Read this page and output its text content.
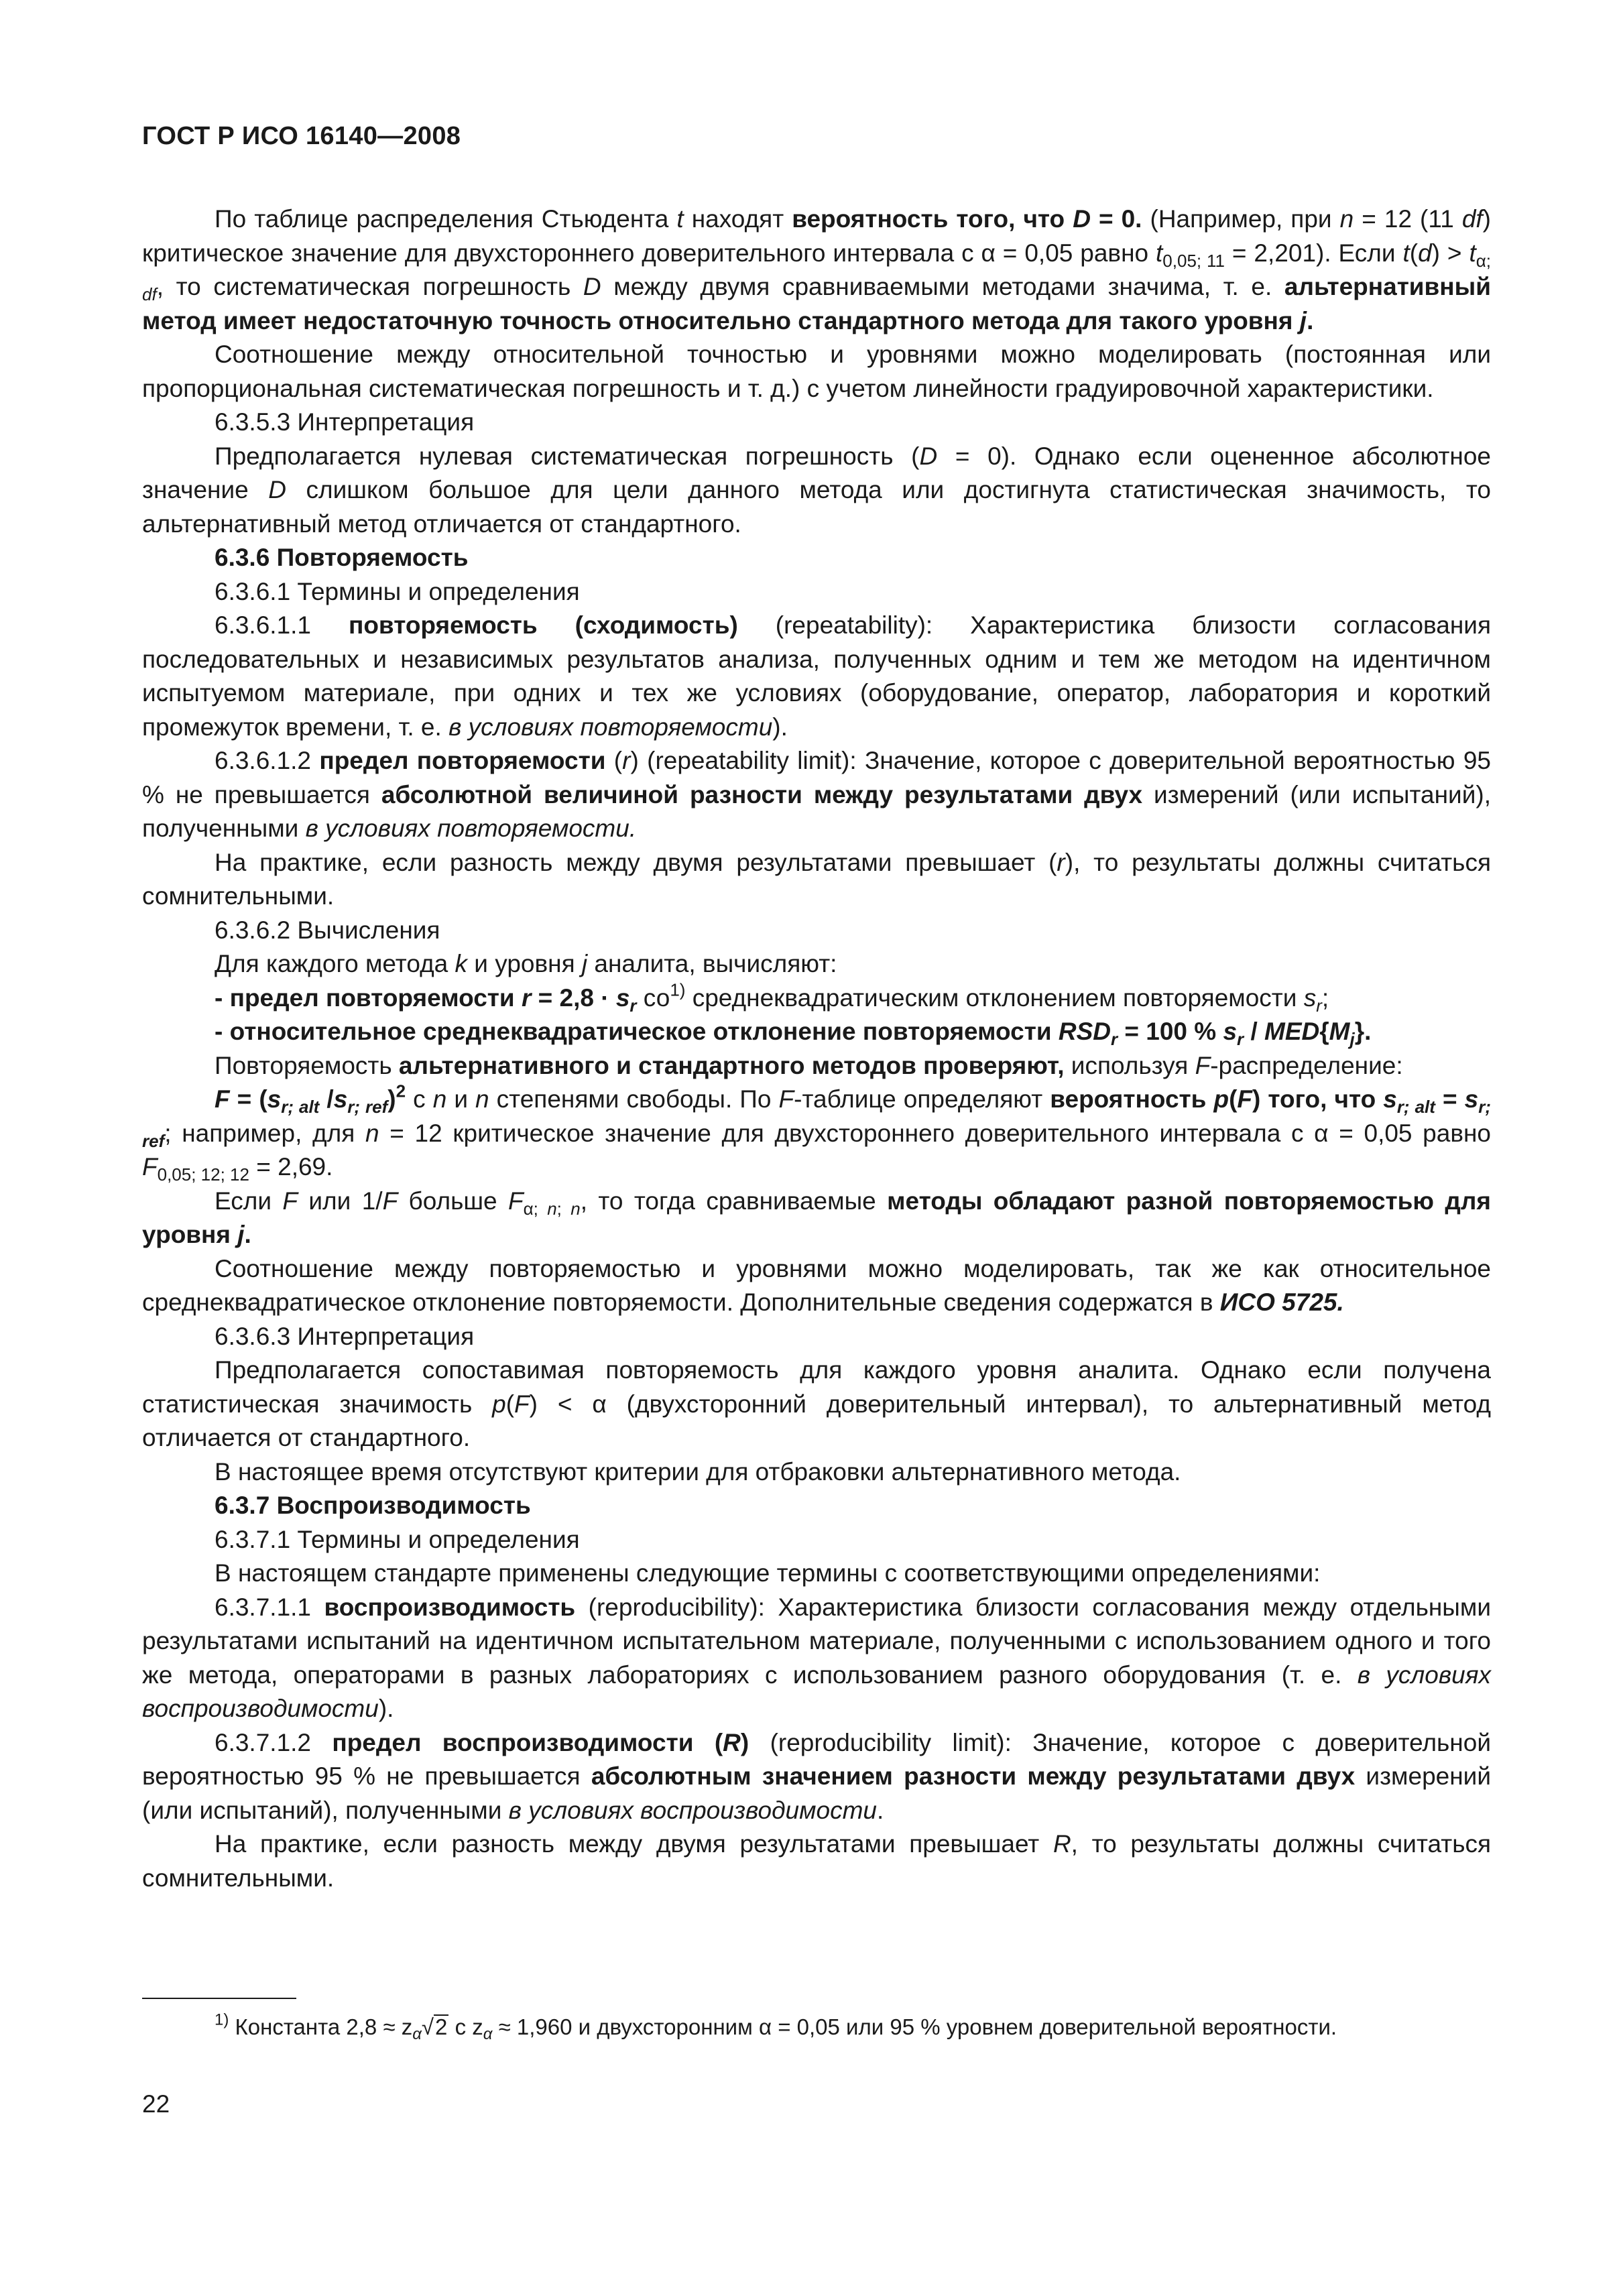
ГОСТ Р ИСО 16140—2008

По таблице распределения Стьюдента t находят вероятность того, что D = 0. (Например, при n = 12 (11 df) критическое значение для двухстороннего доверительного интервала с α = 0,05 равно $t_{0,05; 11} = 2,201$). Если $t(d) > t_{\alpha; df}$, то систематическая погрешность D между двумя сравниваемыми методами значима, т. е. альтернативный метод имеет недостаточную точность относительно стандартного метода для такого уровня j.

Соотношение между относительной точностью и уровнями можно моделировать (постоянная или пропорциональная систематическая погрешность и т. д.) с учетом линейности градуировочной характеристики.

6.3.5.3 Интерпретация

Предполагается нулевая систематическая погрешность (D = 0). Однако если оцененное абсолютное значение D слишком большое для цели данного метода или достигнута статистическая значимость, то альтернативный метод отличается от стандартного.

6.3.6 Повторяемость

6.3.6.1 Термины и определения

6.3.6.1.1 повторяемость (сходимость) (repeatability): Характеристика близости согласования последовательных и независимых результатов анализа, полученных одним и тем же методом на идентичном испытуемом материале, при одних и тех же условиях (оборудование, оператор, лаборатория и короткий промежуток времени, т. е. в условиях повторяемости).

6.3.6.1.2 предел повторяемости (r) (repeatability limit): Значение, которое с доверительной вероятностью 95 % не превышается абсолютной величиной разности между результатами двух измерений (или испытаний), полученными в условиях повторяемости.

На практике, если разность между двумя результатами превышает (r), то результаты должны считаться сомнительными.

6.3.6.2 Вычисления

Для каждого метода k и уровня j аналита, вычисляют:

- предел повторяемости $r = 2,8 \cdot s_r$ $со^{1)}$ среднеквадратическим отклонением повторяемости $s_r$;

- относительное среднеквадратическое отклонение повторяемости $RSD_r = 100$ % $s_r / MED\{M_j\}$.

Повторяемость альтернативного и стандартного методов проверяют, используя F-распределение:

$F = (s_{r; alt}$ $/s_{r; ref})^2$ с n и n степенями свободы. По F-таблице определяют вероятность p(F) того, что $s_{r; alt} = s_{r; ref}$; например, для n = 12 критическое значение для двухстороннего доверительного интервала с α = 0,05 равно $F_{0,05; 12; 12} = 2,69$.

Если F или 1/F больше $F_{\alpha; n; n}$, то тогда сравниваемые методы обладают разной повторяемостью для уровня j.

Соотношение между повторяемостью и уровнями можно моделировать, так же как относительное среднеквадратическое отклонение повторяемости. Дополнительные сведения содержатся в ИСО 5725.

6.3.6.3 Интерпретация

Предполагается сопоставимая повторяемость для каждого уровня аналита. Однако если получена статистическая значимость p(F) < α (двухсторонний доверительный интервал), то альтернативный метод отличается от стандартного.

В настоящее время отсутствуют критерии для отбраковки альтернативного метода.

6.3.7 Воспроизводимость

6.3.7.1 Термины и определения

В настоящем стандарте применены следующие термины с соответствующими определениями:

6.3.7.1.1 воспроизводимость (reproducibility): Характеристика близости согласования между отдельными результатами испытаний на идентичном испытательном материале, полученными с использованием одного и того же метода, операторами в разных лабораториях с использованием разного оборудования (т. е. в условиях воспроизводимости).

6.3.7.1.2 предел воспроизводимости (R) (reproducibility limit): Значение, которое с доверительной вероятностью 95 % не превышается абсолютным значением разности между результатами двух измерений (или испытаний), полученными в условиях воспроизводимости.

На практике, если разность между двумя результатами превышает R, то результаты должны считаться сомнительными.

$^{1)}$ Константа $2,8 \approx z_\alpha√2$ с $z_\alpha \approx 1,960$ и двухсторонним α = 0,05 или 95 % уровнем доверительной вероятности.
22
